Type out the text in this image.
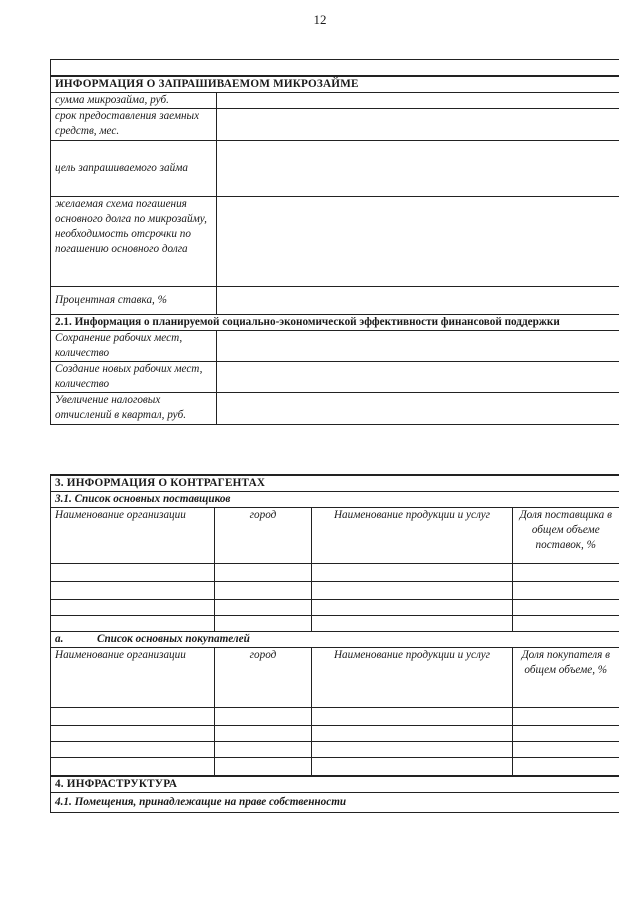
12

ИНФОРМАЦИЯ О ЗАПРАШИВАЕМОМ МИКРОЗАЙМЕ	
сумма микрозайма, руб.	
срок предоставления заемных средств, мес.	
цель запрашиваемого займа	
желаемая схема погашения основного долга по микрозайму, необходимость отсрочки по погашению основного долга	
Процентная ставка, %	
2.1. Информация о планируемой социально-экономической эффективности финансовой поддержки	
Сохранение рабочих мест, количество	
Создание новых рабочих мест, количество	
Увеличение налоговых отчислений в квартал, руб.	
3. ИНФОРМАЦИЯ О КОНТРАГЕНТАХ			
3.1. Список основных поставщиков			
Наименование организации	город	Наименование продукции и услуг	Доля поставщика в общем объеме поставок, %

а. Список основных покупателей			
Наименование организации	город	Наименование продукции и услуг	Доля покупателя в общем объеме, %

4. ИНФРАСТРУКТУРА			
4.1. Помещения, принадлежащие на праве собственности			
